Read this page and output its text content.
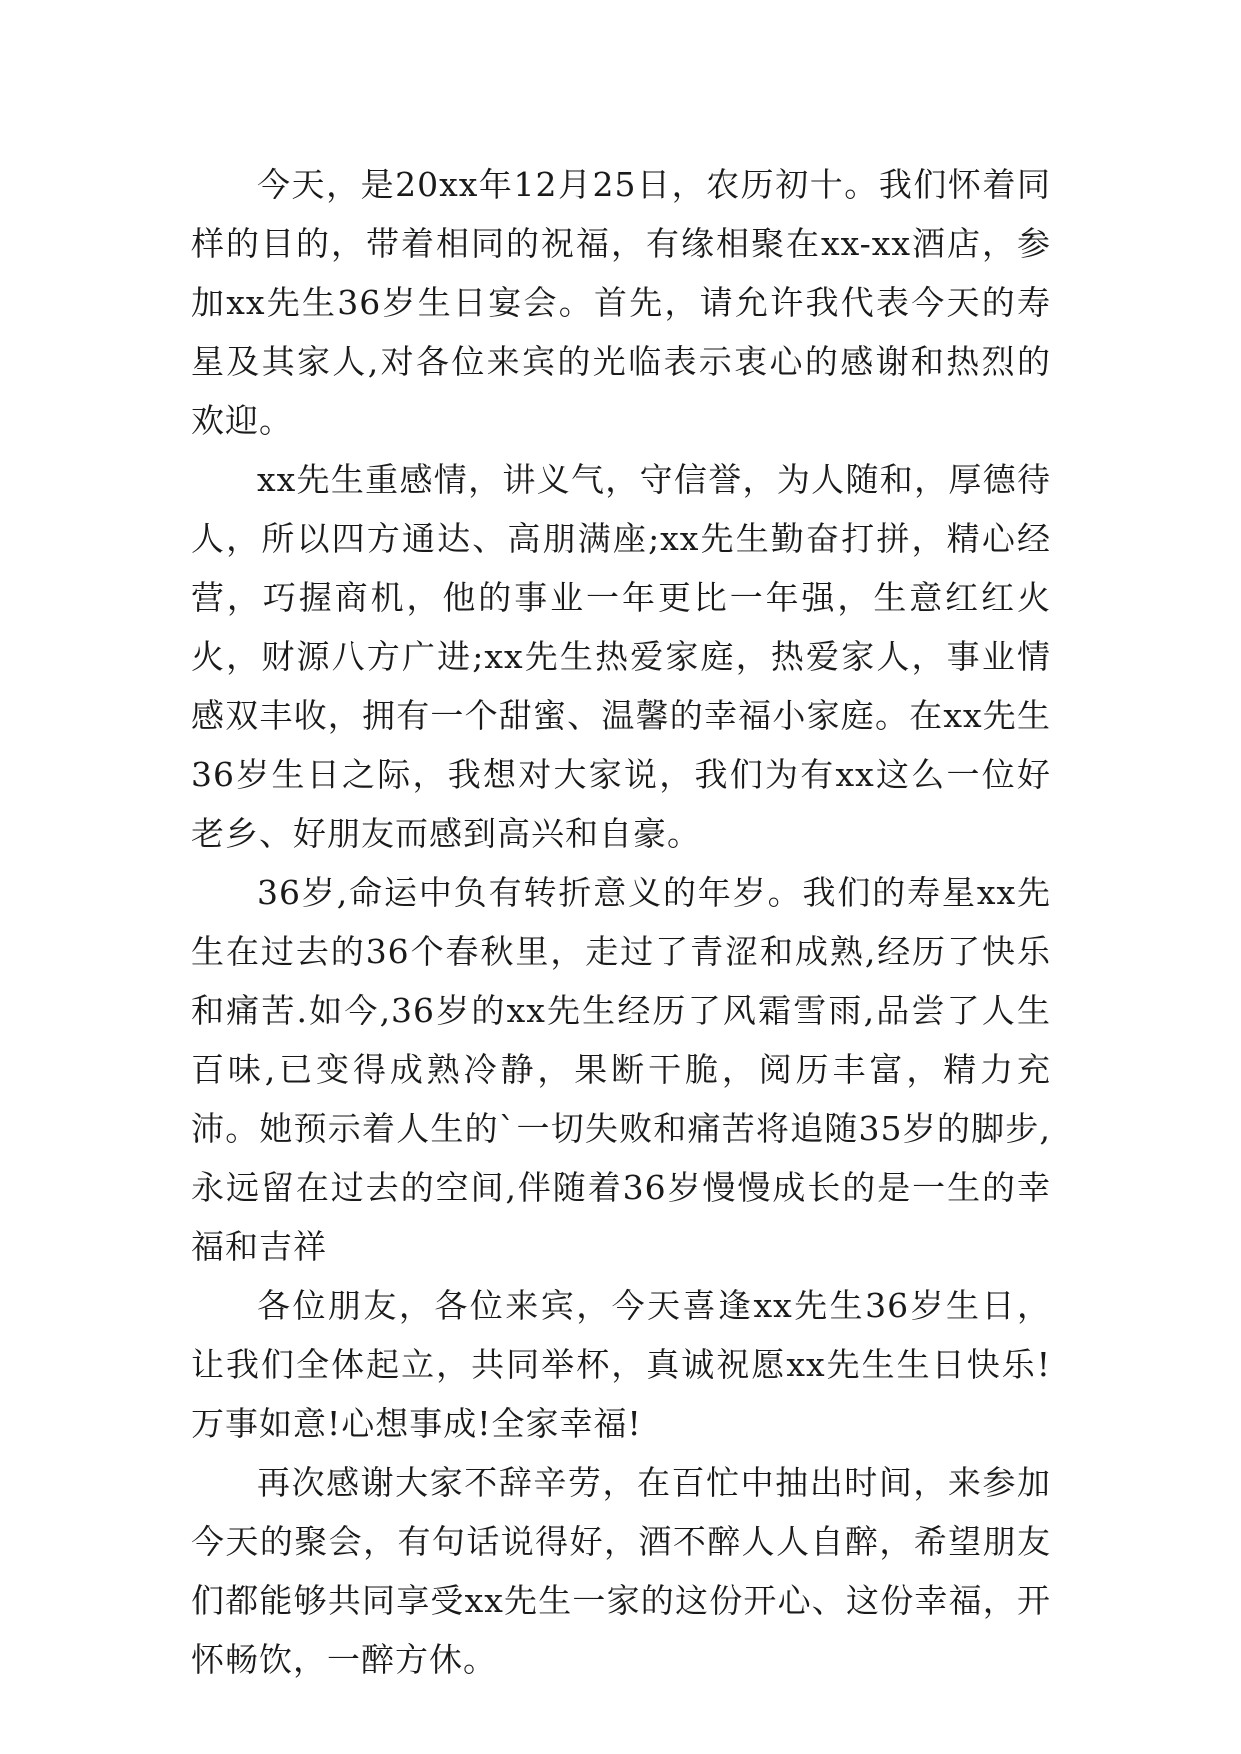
今天，是20xx年12月25日，农历初十。我们怀着同样的目的，带着相同的祝福，有缘相聚在xx-xx酒店，参加xx先生36岁生日宴会。首先，请允许我代表今天的寿星及其家人,对各位来宾的光临表示衷心的感谢和热烈的欢迎。

xx先生重感情，讲义气，守信誉，为人随和，厚德待人，所以四方通达、高朋满座;xx先生勤奋打拼，精心经营，巧握商机，他的事业一年更比一年强，生意红红火火，财源八方广进;xx先生热爱家庭，热爱家人，事业情感双丰收，拥有一个甜蜜、温馨的幸福小家庭。在xx先生36岁生日之际，我想对大家说，我们为有xx这么一位好老乡、好朋友而感到高兴和自豪。

36岁,命运中负有转折意义的年岁。我们的寿星xx先生在过去的36个春秋里，走过了青涩和成熟,经历了快乐和痛苦.如今,36岁的xx先生经历了风霜雪雨,品尝了人生百味,已变得成熟冷静，果断干脆，阅历丰富，精力充沛。她预示着人生的`一切失败和痛苦将追随35岁的脚步,永远留在过去的空间,伴随着36岁慢慢成长的是一生的幸福和吉祥

各位朋友，各位来宾，今天喜逢xx先生36岁生日，让我们全体起立，共同举杯，真诚祝愿xx先生生日快乐!万事如意!心想事成!全家幸福!

再次感谢大家不辞辛劳，在百忙中抽出时间，来参加今天的聚会，有句话说得好，酒不醉人人自醉，希望朋友们都能够共同享受xx先生一家的这份开心、这份幸福，开怀畅饮，一醉方休。
